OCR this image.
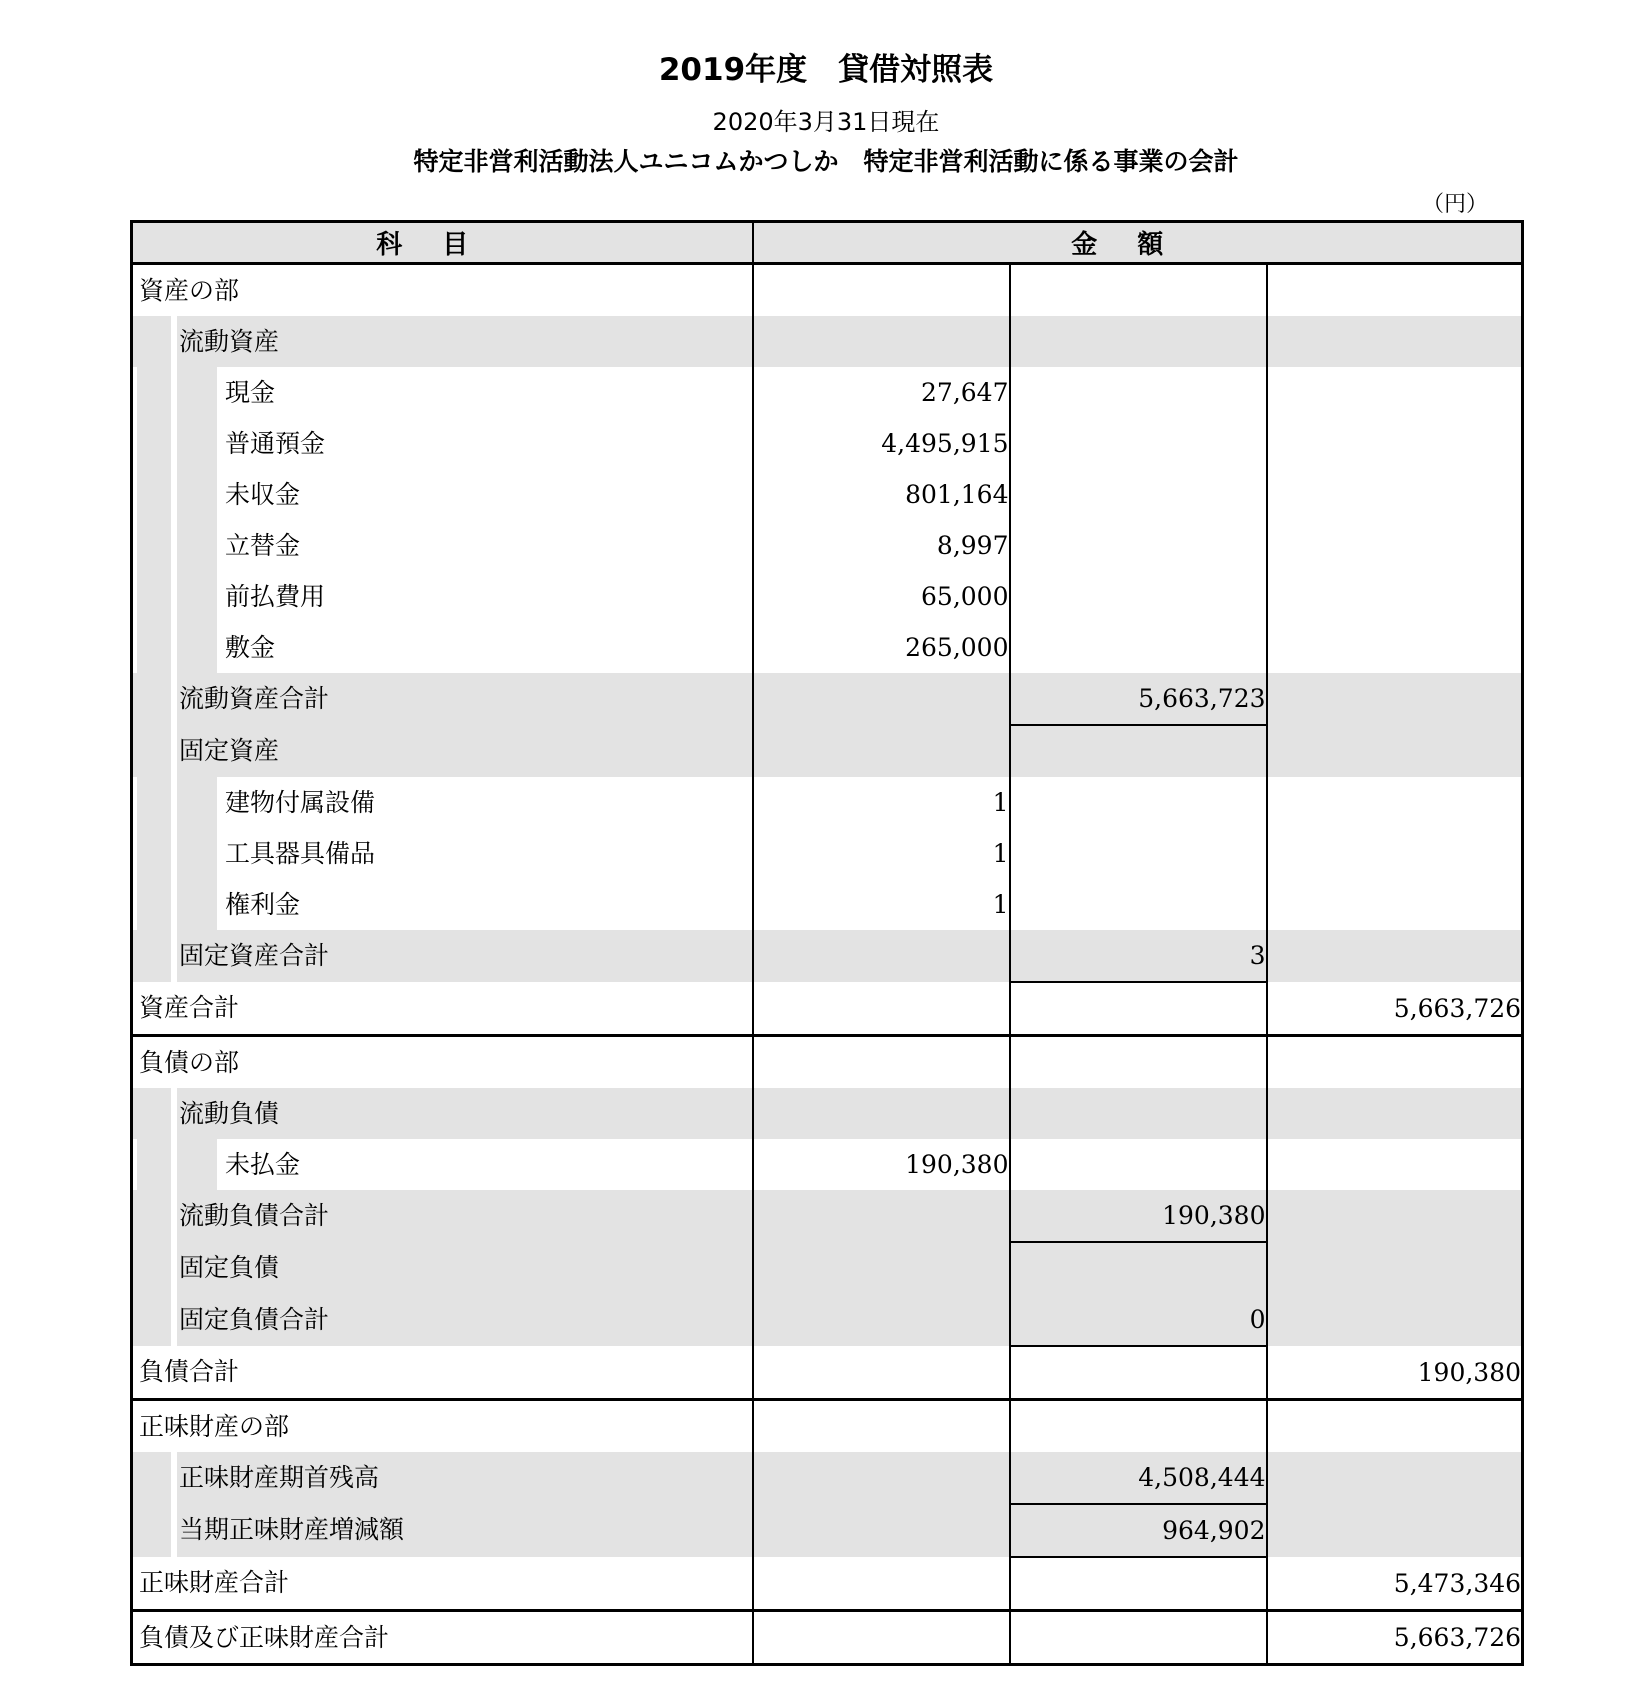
2019年度　貸借対照表
2020年3月31日現在
特定非営利活動法人ユニコムかつしか　特定非営利活動に係る事業の会計
（円）
科目	金額		

資産の部			

流動資産			

現金	27,647		

普通預金	4,495,915		

未収金	801,164		

立替金	8,997		

前払費用	65,000		

敷金	265,000		

流動資産合計		5,663,723	

固定資産			

建物付属設備	1		

工具器具備品	1		

権利金	1		

固定資産合計		3	

資産合計			5,663,726

負債の部			

流動負債			

未払金	190,380		

流動負債合計		190,380	

固定負債			

固定負債合計		0	

負債合計			190,380

正味財産の部			

正味財産期首残高		4,508,444	

当期正味財産増減額		964,902	

正味財産合計			5,473,346

負債及び正味財産合計			5,663,726
